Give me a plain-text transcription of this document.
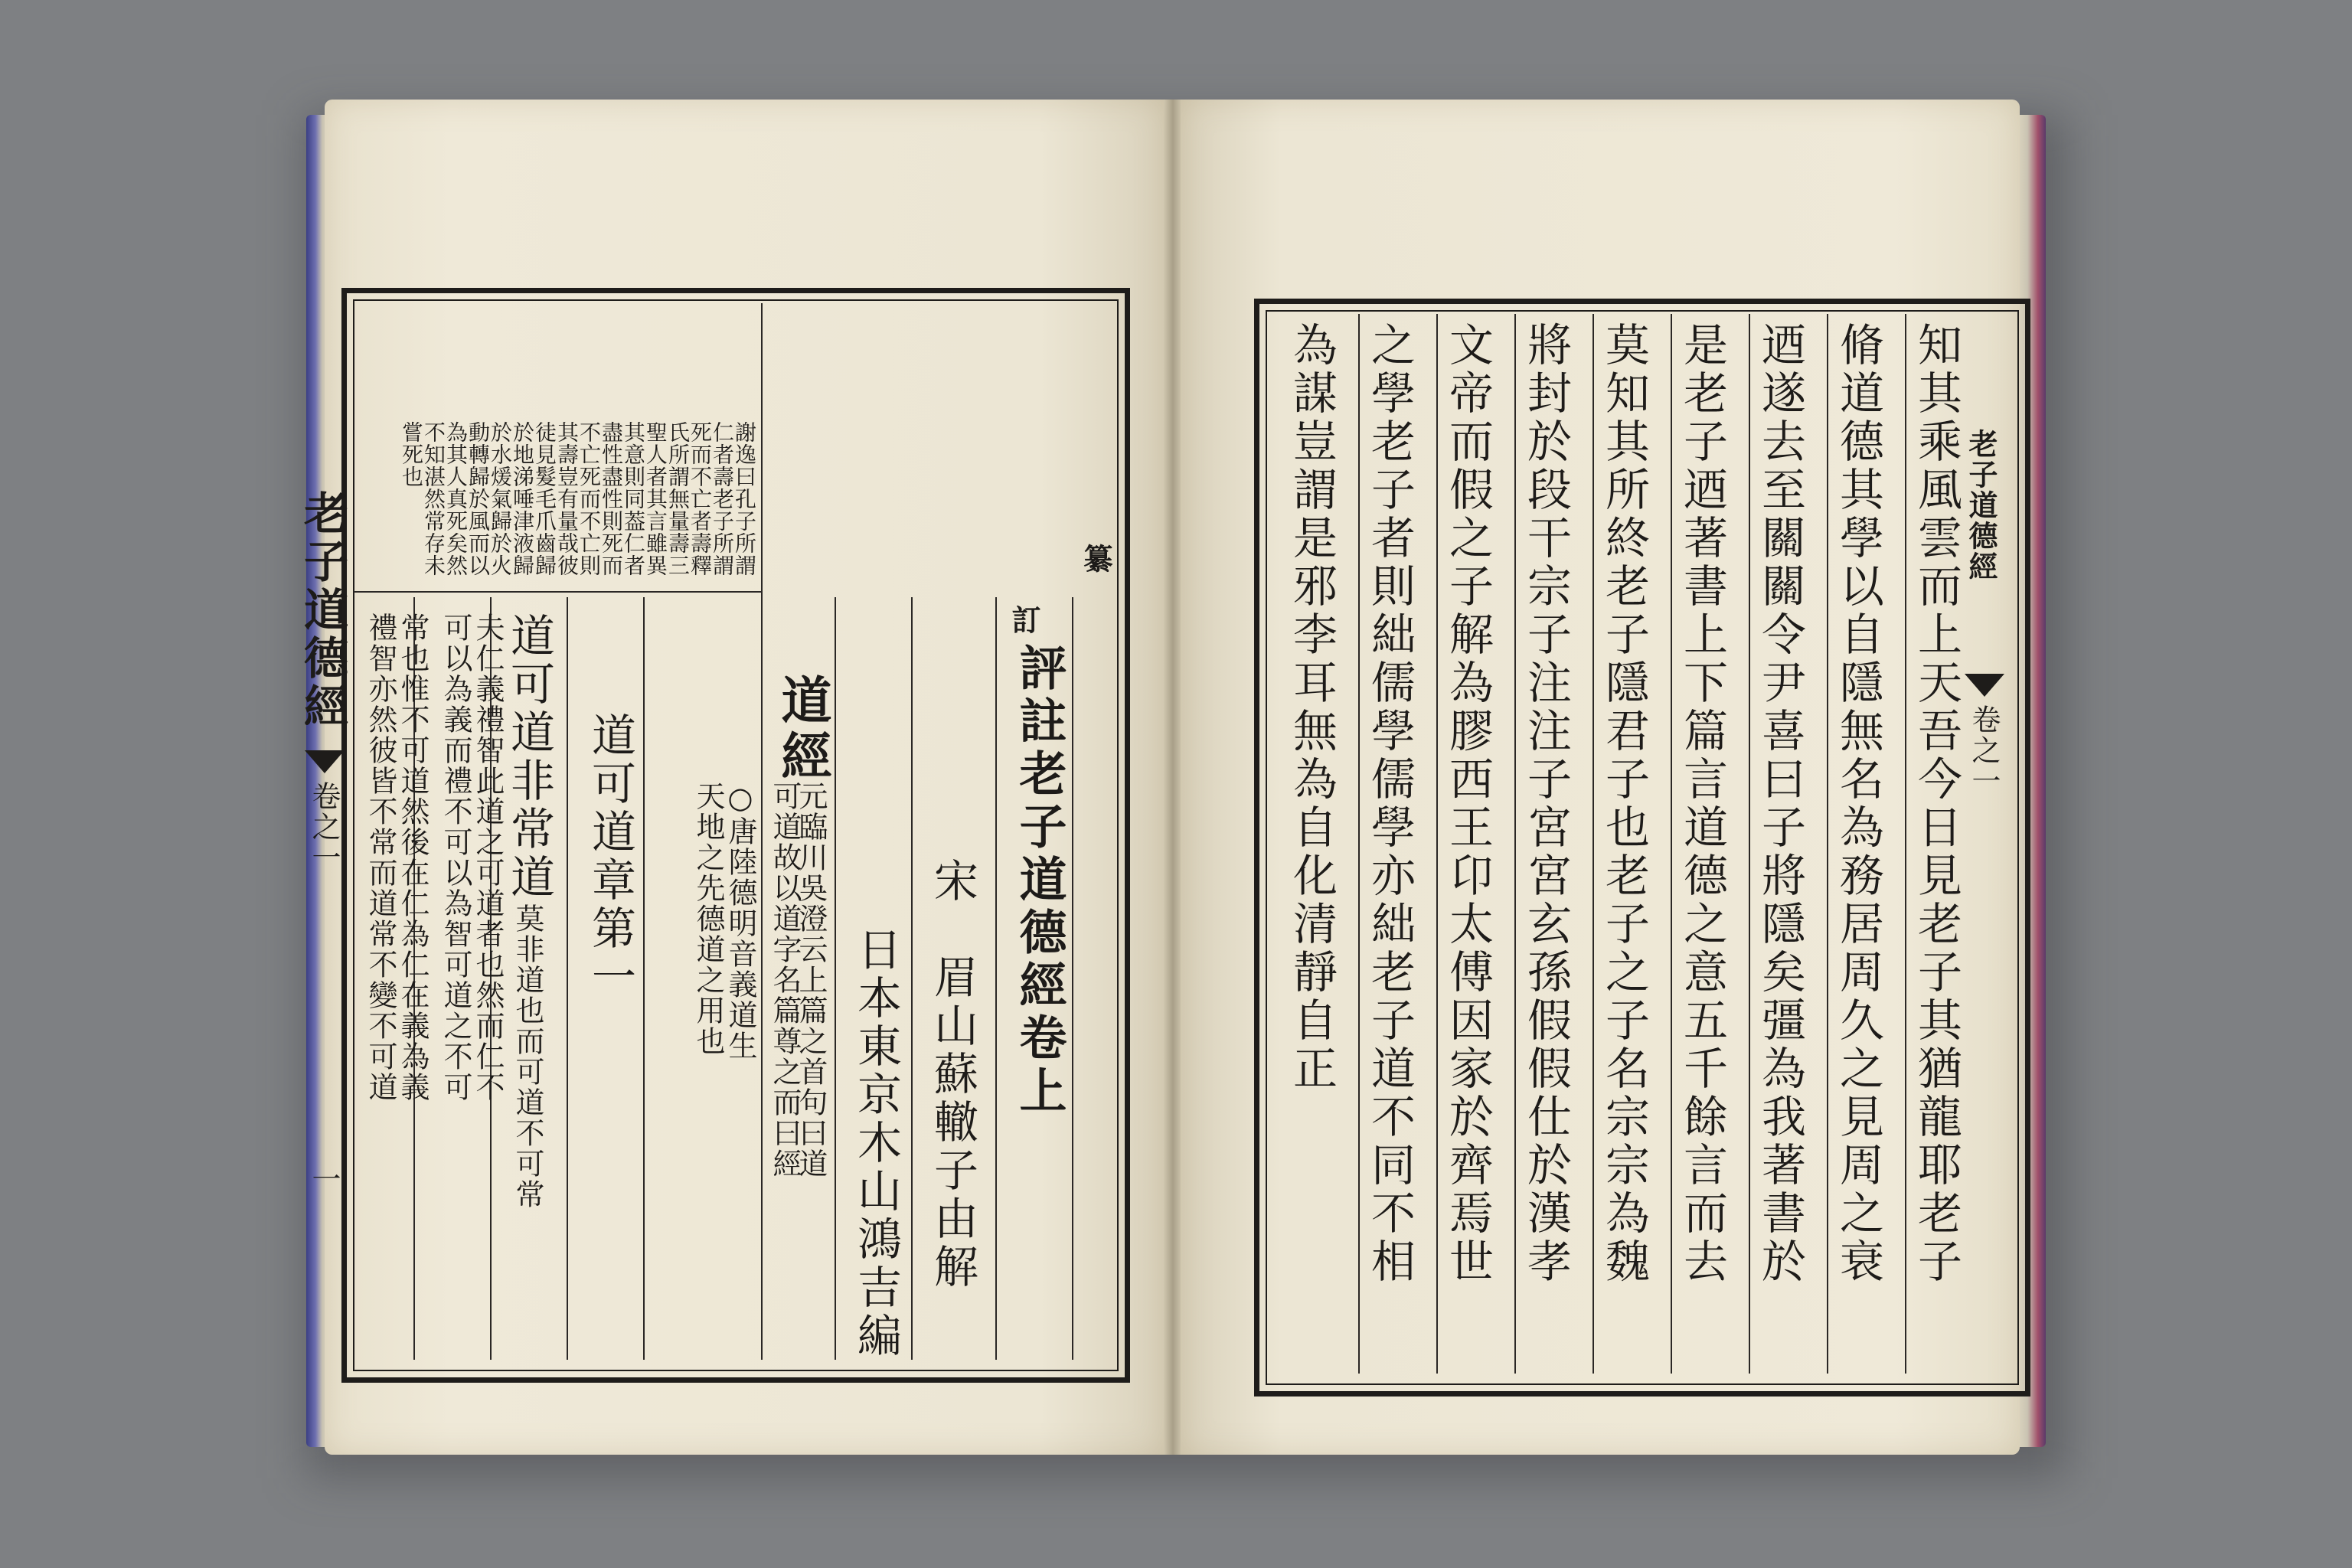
老子道德經
卷之一
一
謝逸曰孔子所謂
仁者壽老子所謂
死而不亡者壽釋
氏所謂無量壽三
聖人者其言雖異
其意則同葢仁者
盡性盡性則死而
不亡死而不亡則
其壽豈有量哉彼
徒見髮毛爪齒歸
於地涕唾津液歸
於水煖氣歸於火
動轉歸於風而以
為其人真死矣然
不知湛然常存未
嘗死也
纂
訂
評註老子道德經卷上
宋　眉山蘇轍子由解
日本東京木山鴻吉編
道經
元臨川吳澄云上篇之首句曰道
可道故以道字名篇尊之而曰經
○唐陸德明音義道生
天地之先德道之用也
道可道章第一
道可道非常道
莫非道也而可道不可常
夫仁義禮智此道之可道者也然而仁不
可以為義而禮不可以為智可道之不可
常也惟不可道然後在仁為仁在義為義
禮智亦然彼皆不常而道常不變不可道	知其乘風雲而上天吾今日見老子其猶龍耶老子
脩道德其學以自隱無名為務居周久之見周之衰
迺遂去至關關令尹喜曰子將隱矣彊為我著書於
是老子迺著書上下篇言道德之意五千餘言而去
莫知其所終老子隱君子也老子之子名宗宗為魏
將封於段干宗子注注子宮宮玄孫假假仕於漢孝
文帝而假之子解為膠西王卬太傅因家於齊焉世
之學老子者則絀儒學儒學亦絀老子道不同不相
為謀豈謂是邪李耳無為自化清靜自正	老子道德經
卷之一
